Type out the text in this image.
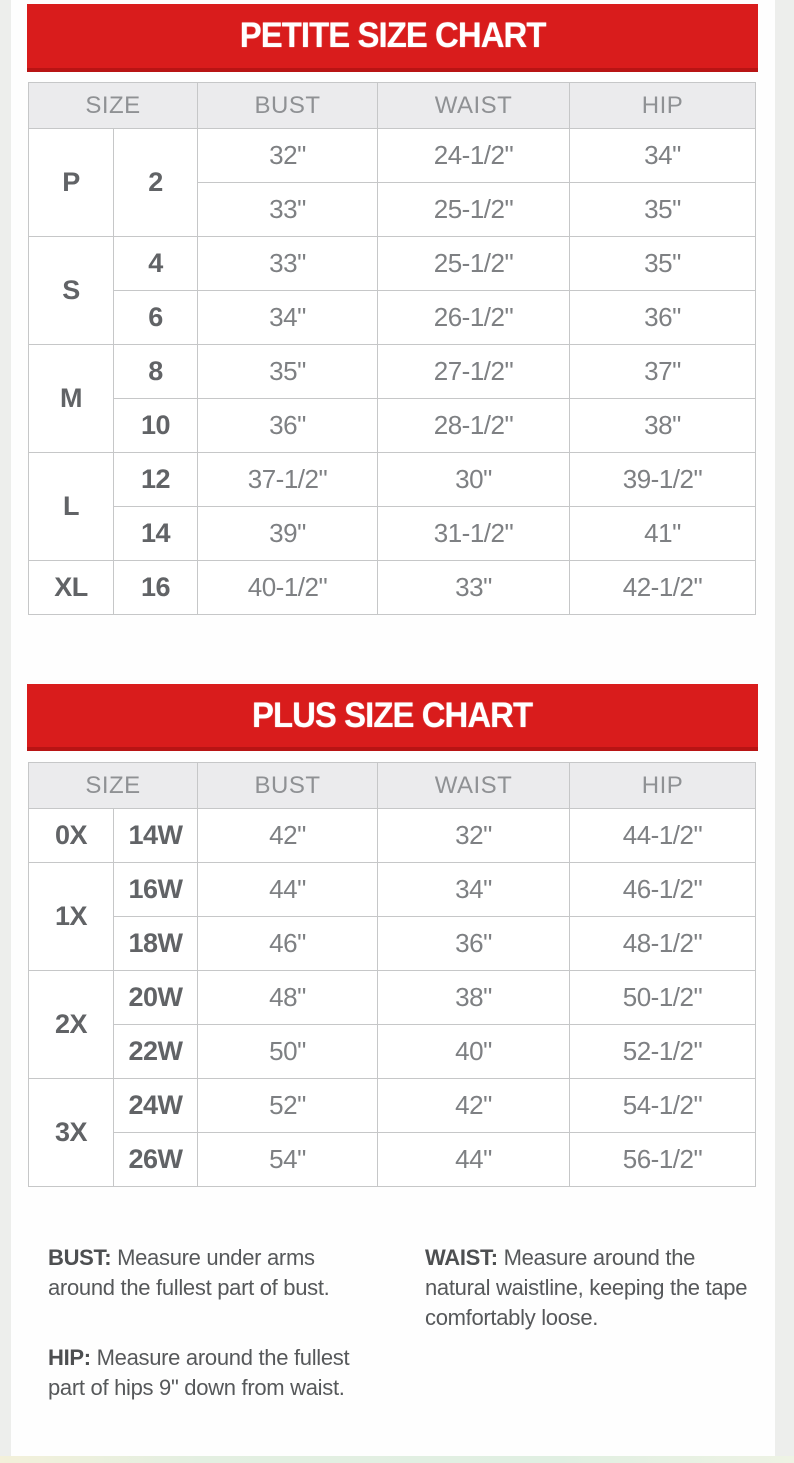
PETITE SIZE CHART
SIZE		BUST	WAIST	HIP
P	2	32"	24-1/2"	34"
		33"	25-1/2"	35"
S	4	33"	25-1/2"	35"
	6	34"	26-1/2"	36"
M	8	35"	27-1/2"	37"
	10	36"	28-1/2"	38"
L	12	37-1/2"	30"	39-1/2"
	14	39"	31-1/2"	41"
XL	16	40-1/2"	33"	42-1/2"
PLUS SIZE CHART
SIZE		BUST	WAIST	HIP
0X	14W	42"	32"	44-1/2"
1X	16W	44"	34"	46-1/2"
	18W	46"	36"	48-1/2"
2X	20W	48"	38"	50-1/2"
	22W	50"	40"	52-1/2"
3X	24W	52"	42"	54-1/2"
	26W	54"	44"	56-1/2"
BUST: Measure under arms around the fullest part of bust.
WAIST: Measure around the natural waistline, keeping the tape comfortably loose.
HIP: Measure around the fullest part of hips 9" down from waist.
